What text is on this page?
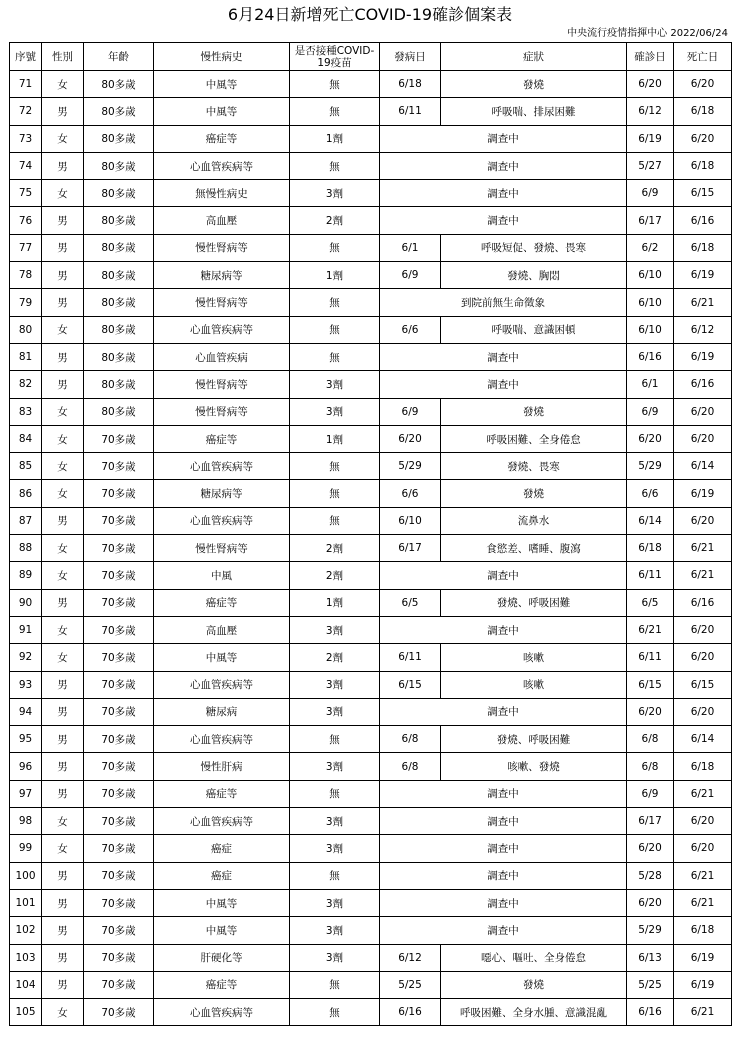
6月24日新增死亡COVID-19確診個案表
中央流行疫情指揮中心 2022/06/24
序號	性別	年齡	慢性病史	是否接種COVID-19疫苗	發病日	症狀	確診日	死亡日
71	女	80多歲	中風等	無	6/18	發燒	6/20	6/20
72	男	80多歲	中風等	無	6/11	呼吸喘、排尿困難	6/12	6/18
73	女	80多歲	癌症等	1劑	調查中		6/19	6/20
74	男	80多歲	心血管疾病等	無	調查中		5/27	6/18
75	女	80多歲	無慢性病史	3劑	調查中		6/9	6/15
76	男	80多歲	高血壓	2劑	調查中		6/17	6/16
77	男	80多歲	慢性腎病等	無	6/1	呼吸短促、發燒、畏寒	6/2	6/18
78	男	80多歲	糖尿病等	1劑	6/9	發燒、胸悶	6/10	6/19
79	男	80多歲	慢性腎病等	無	到院前無生命徵象		6/10	6/21
80	女	80多歲	心血管疾病等	無	6/6	呼吸喘、意識困頓	6/10	6/12
81	男	80多歲	心血管疾病	無	調查中		6/16	6/19
82	男	80多歲	慢性腎病等	3劑	調查中		6/1	6/16
83	女	80多歲	慢性腎病等	3劑	6/9	發燒	6/9	6/20
84	女	70多歲	癌症等	1劑	6/20	呼吸困難、全身倦怠	6/20	6/20
85	女	70多歲	心血管疾病等	無	5/29	發燒、畏寒	5/29	6/14
86	女	70多歲	糖尿病等	無	6/6	發燒	6/6	6/19
87	男	70多歲	心血管疾病等	無	6/10	流鼻水	6/14	6/20
88	女	70多歲	慢性腎病等	2劑	6/17	食慾差、嗜睡、腹瀉	6/18	6/21
89	女	70多歲	中風	2劑	調查中		6/11	6/21
90	男	70多歲	癌症等	1劑	6/5	發燒、呼吸困難	6/5	6/16
91	女	70多歲	高血壓	3劑	調查中		6/21	6/20
92	女	70多歲	中風等	2劑	6/11	咳嗽	6/11	6/20
93	男	70多歲	心血管疾病等	3劑	6/15	咳嗽	6/15	6/15
94	男	70多歲	糖尿病	3劑	調查中		6/20	6/20
95	男	70多歲	心血管疾病等	無	6/8	發燒、呼吸困難	6/8	6/14
96	男	70多歲	慢性肝病	3劑	6/8	咳嗽、發燒	6/8	6/18
97	男	70多歲	癌症等	無	調查中		6/9	6/21
98	女	70多歲	心血管疾病等	3劑	調查中		6/17	6/20
99	女	70多歲	癌症	3劑	調查中		6/20	6/20
100	男	70多歲	癌症	無	調查中		5/28	6/21
101	男	70多歲	中風等	3劑	調查中		6/20	6/21
102	男	70多歲	中風等	3劑	調查中		5/29	6/18
103	男	70多歲	肝硬化等	3劑	6/12	噁心、嘔吐、全身倦怠	6/13	6/19
104	男	70多歲	癌症等	無	5/25	發燒	5/25	6/19
105	女	70多歲	心血管疾病等	無	6/16	呼吸困難、全身水腫、意識混亂	6/16	6/21
